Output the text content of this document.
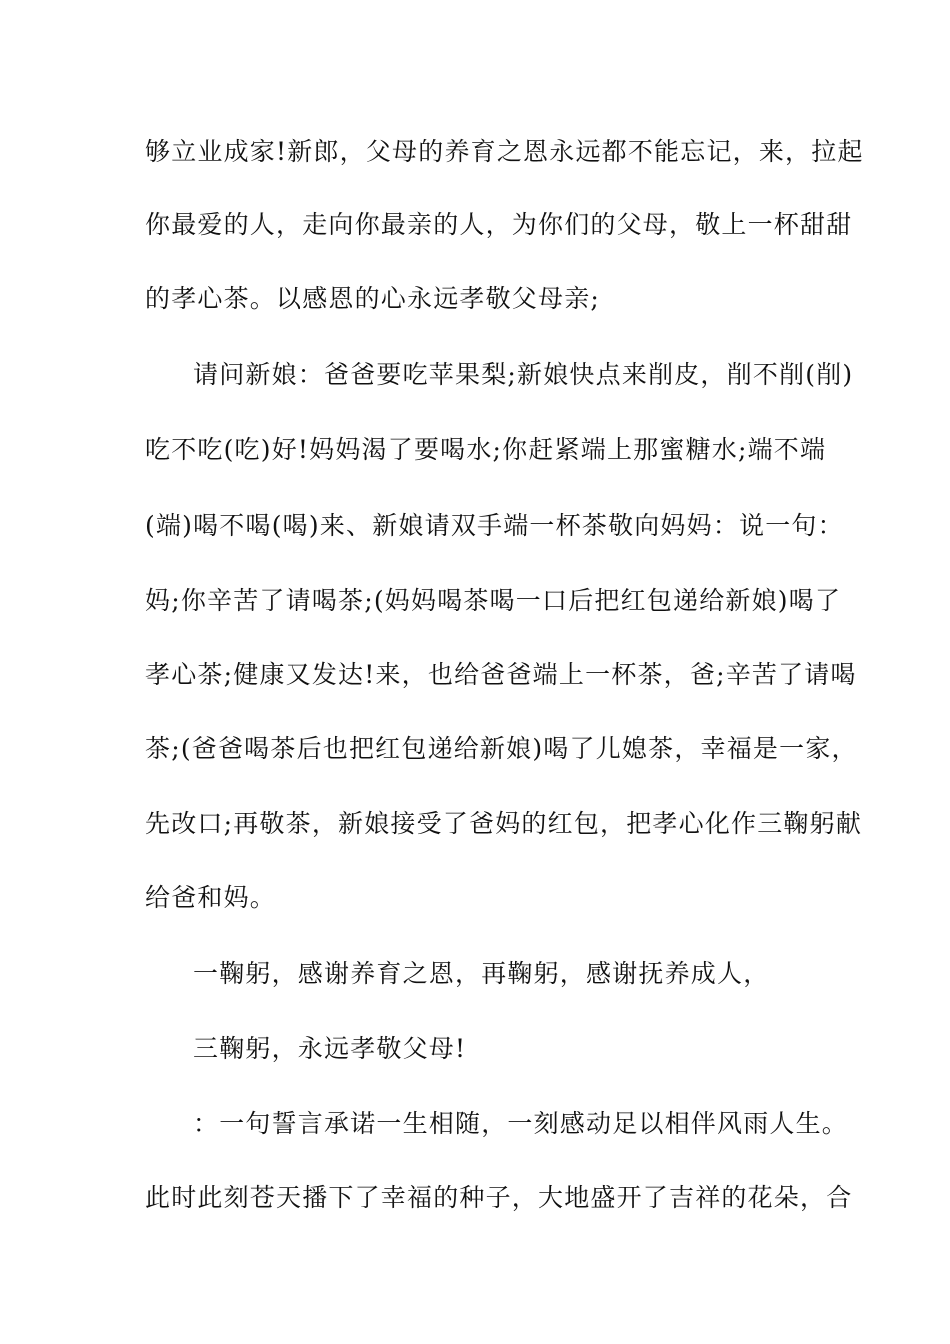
够立业成家!新郎，父母的养育之恩永远都不能忘记，来，拉起
你最爱的人，走向你最亲的人，为你们的父母，敬上一杯甜甜
的孝心茶。以感恩的心永远孝敬父母亲;
请问新娘：爸爸要吃苹果梨;新娘快点来削皮，削不削(削)
吃不吃(吃)好!妈妈渴了要喝水;你赶紧端上那蜜糖水;端不端
(端)喝不喝(喝)来、新娘请双手端一杯茶敬向妈妈：说一句：
妈;你辛苦了请喝茶;(妈妈喝茶喝一口后把红包递给新娘)喝了
孝心茶;健康又发达!来，也给爸爸端上一杯茶，爸;辛苦了请喝
茶;(爸爸喝茶后也把红包递给新娘)喝了儿媳茶，幸福是一家，
先改口;再敬茶，新娘接受了爸妈的红包，把孝心化作三鞠躬献
给爸和妈。
一鞠躬，感谢养育之恩，再鞠躬，感谢抚养成人，
三鞠躬，永远孝敬父母!
：一句誓言承诺一生相随，一刻感动足以相伴风雨人生。
此时此刻苍天播下了幸福的种子，大地盛开了吉祥的花朵，合
